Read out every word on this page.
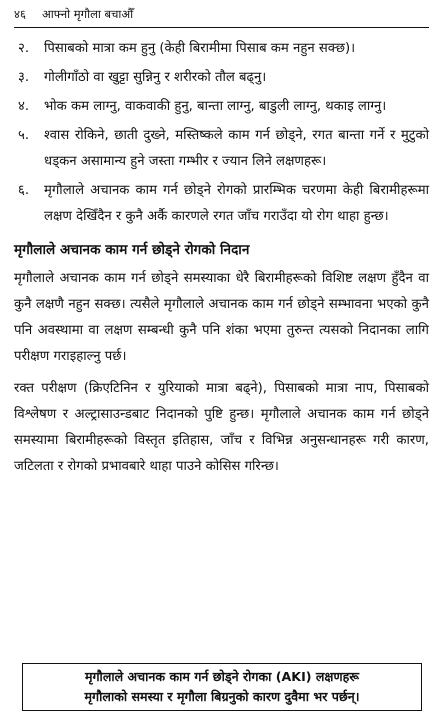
४६ आफ्नो मृगौला बचाऔँ
२.	पिसाबको मात्रा कम हुनु (केही बिरामीमा पिसाब कम नहुन सक्छ)।
३.	गोलीगाँठो वा खुट्टा सुन्निनु र शरीरको तौल बढ्नु।
४.	भोक कम लाग्नु, वाकवाकी हुनु, बान्ता लाग्नु, बाडुली लाग्नु, थकाइ लाग्नु।
५.	श्वास रोकिने, छाती दुख्ने, मस्तिष्कले काम गर्न छोड्ने, रगत बान्ता गर्ने र मुटुको धड्कन असामान्य हुने जस्ता गम्भीर र ज्यान लिने लक्षणहरू।
६.	मृगौलाले अचानक काम गर्न छोड्ने रोगको प्रारम्भिक चरणमा केही बिरामीहरूमा लक्षण देखिँदैन र कुनै अर्कै कारणले रगत जाँच गराउँदा यो रोग थाहा हुन्छ।
मृगौलाले अचानक काम गर्न छोड्ने रोगको निदान

मृगौलाले अचानक काम गर्न छोड्ने समस्याका धेरै बिरामीहरूको विशिष्ट लक्षण हुँदैन वा कुनै लक्षणै नहुन सक्छ। त्यसैले मृगौलाले अचानक काम गर्न छोड्ने सम्भावना भएको कुनै पनि अवस्थामा वा लक्षण सम्बन्धी कुनै पनि शंका भएमा तुरुन्त त्यसको निदानका लागि परीक्षण गराइहाल्नु पर्छ।

रक्त परीक्षण (क्रिएटिनिन र युरियाको मात्रा बढ्ने), पिसाबको मात्रा नाप, पिसाबको विश्लेषण र अल्ट्रासाउन्डबाट निदानको पुष्टि हुन्छ। मृगौलाले अचानक काम गर्न छोड्ने समस्यामा बिरामीहरूको विस्तृत इतिहास, जाँच र विभिन्न अनुसन्धानहरू गरी कारण, जटिलता र रोगको प्रभावबारे थाहा पाउने कोसिस गरिन्छ।

मृगौलाले अचानक काम गर्न छोड्ने रोगका (AKI) लक्षणहरू
मृगौलाको समस्या र मृगौला बिग्रनुको कारण दुवैमा भर पर्छन्।
